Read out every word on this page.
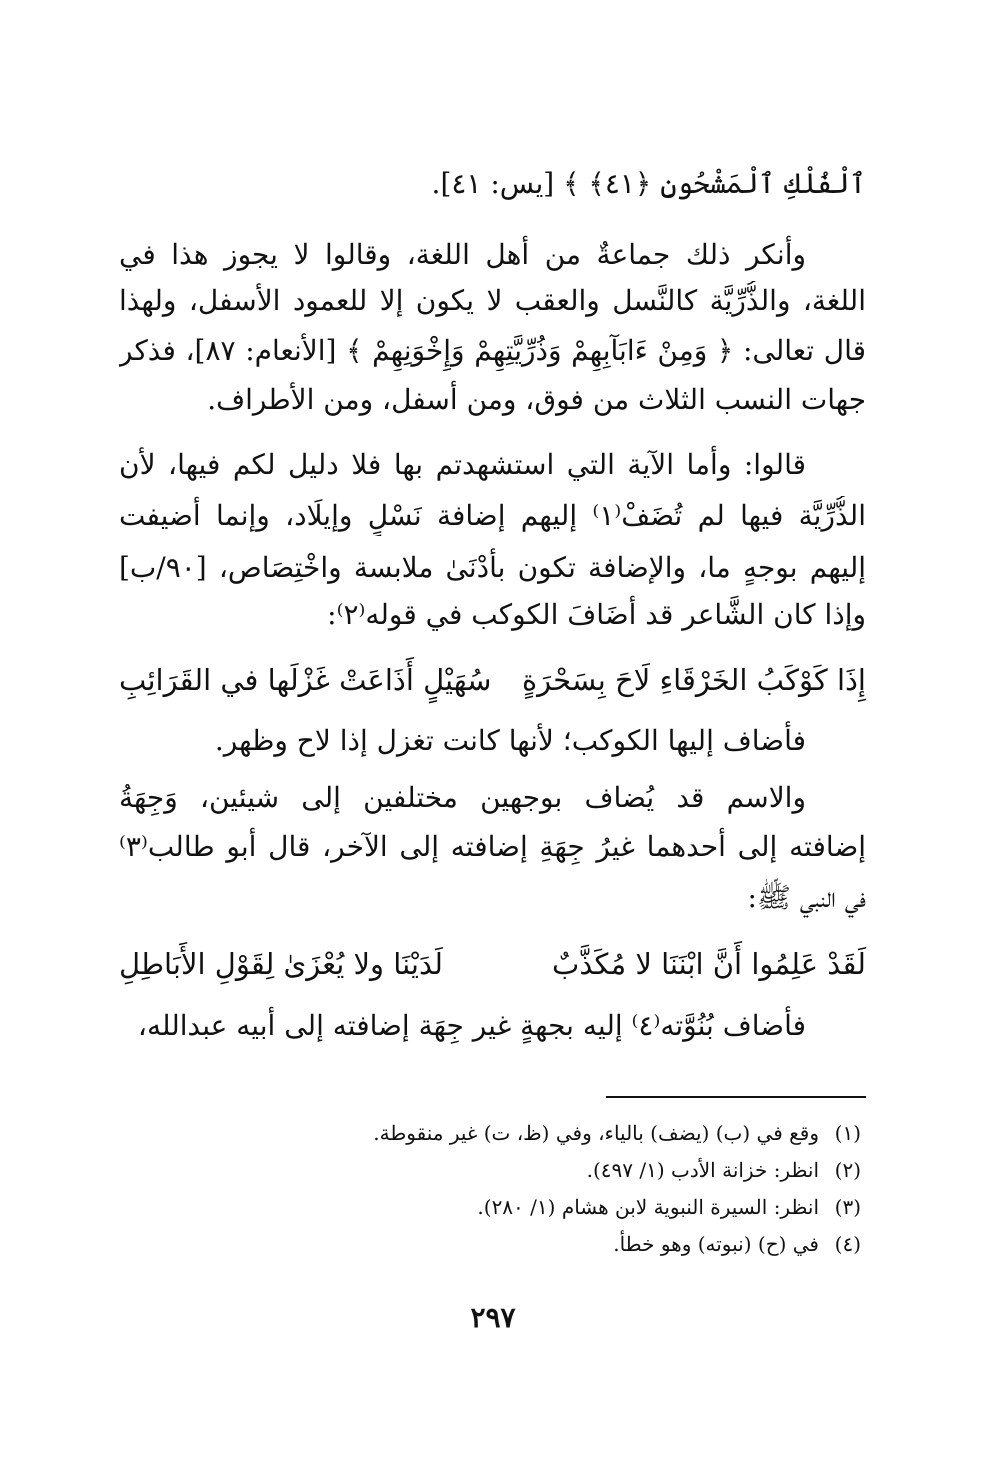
ٱلْفُلْكِ ٱلْمَشْحُونِ ﴿٤١﴾ ﴾ [يس: ٤١].
وأنكر ذلك جماعةٌ من أهل اللغة، وقالوا لا يجوز هذا في
اللغة، والذُّرِّيَّة كالنَّسل والعقب لا يكون إلا للعمود الأسفل، ولهذا
قال تعالى: ﴿ وَمِنْ ءَابَآبِهِمْ وَذُرِّيَّتِهِمْ وَإِخْوَنِهِمْ ﴾ [الأنعام: ٨٧]، فذكر
جهات النسب الثلاث من فوق، ومن أسفل، ومن الأطراف.
قالوا: وأما الآية التي استشهدتم بها فلا دليل لكم فيها، لأن
الذُّرِّيَّة فيها لم تُضَفْ⁽١⁾ إليهم إضافة نَسْلٍ وإيلَاد، وإنما أضيفت
إليهم بوجهٍ ما، والإضافة تكون بأَدْنَىٰ ملابسة واخْتِصَاص، [٩٠/ب]
وإذا كان الشَّاعر قد أضَافَ الكوكب في قوله⁽٢⁾:
إِذَا كَوْكَبُ الخَرْقَاءِ لَاحَ بِسَحْرَةٍ
سُهَيْلٍ أَذَاعَتْ غَزْلَها في القَرَائِبِ
فأضاف إليها الكوكب؛ لأنها كانت تغزل إذا لاح وظهر.
والاسم قد يُضاف بوجهين مختلفين إلى شيئين، وَجِهَةُ
إضافته إلى أحدهما غيرُ جِهَةِ إضافته إلى الآخر، قال أبو طالب⁽٣⁾
في النبي ﷺ:
لَقَدْ عَلِمُوا أَنَّ ابْنَنَا لا مُكَذَّبٌ
لَدَيْنَا ولا يُعْزَىٰ لِقَوْلِ الأَبَاطِلِ
فأضاف بُنُوَّته⁽٤⁾ إليه بجهةٍ غير جِهَة إضافته إلى أبيه عبدالله،
(١)وقع في (ب) (يضف) بالياء، وفي (ظ، ت) غير منقوطة.
(٢)انظر: خزانة الأدب (١/ ٤٩٧).
(٣)انظر: السيرة النبوية لابن هشام (١/ ٢٨٠).
(٤)في (ح) (نبوته) وهو خطأ.
٢٩٧
